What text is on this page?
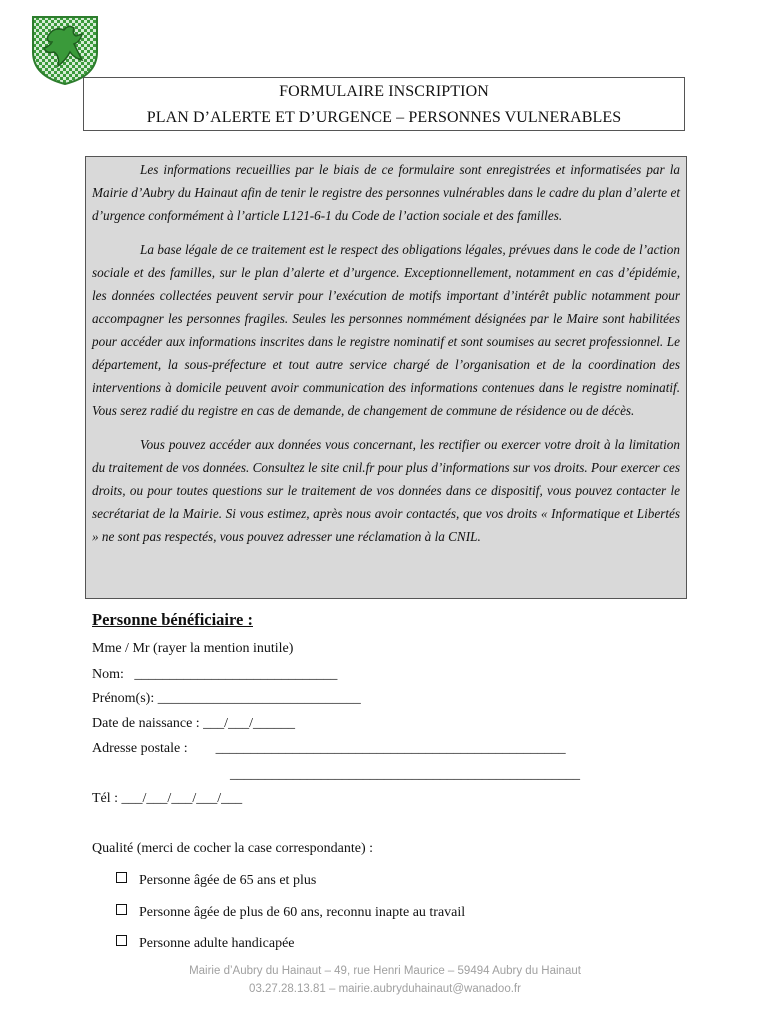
FORMULAIRE INSCRIPTION
PLAN D’ALERTE ET D’URGENCE – PERSONNES VULNERABLES

Les informations recueillies par le biais de ce formulaire sont enregistrées et informatisées par la Mairie d’Aubry du Hainaut afin de tenir le registre des personnes vulnérables dans le cadre du plan d’alerte et d’urgence conformément à l’article L121-6-1 du Code de l’action sociale et des familles.

La base légale de ce traitement est le respect des obligations légales, prévues dans le code de l’action sociale et des familles, sur le plan d’alerte et d’urgence. Exceptionnellement, notamment en cas d’épidémie, les données collectées peuvent servir pour l’exécution de motifs important d’intérêt public notamment pour accompagner les personnes fragiles. Seules les personnes nommément désignées par le Maire sont habilitées pour accéder aux informations inscrites dans le registre nominatif et sont soumises au secret professionnel. Le département, la sous-préfecture et tout autre service chargé de l’organisation et de la coordination des interventions à domicile peuvent avoir communication des informations contenues dans le registre nominatif. Vous serez radié du registre en cas de demande, de changement de commune de résidence ou de décès.

Vous pouvez accéder aux données vous concernant, les rectifier ou exercer votre droit à la limitation du traitement de vos données. Consultez le site cnil.fr pour plus d’informations sur vos droits. Pour exercer ces droits, ou pour toutes questions sur le traitement de vos données dans ce dispositif, vous pouvez contacter le secrétariat de la Mairie. Si vous estimez, après nous avoir contactés, que vos droits « Informatique et Libertés » ne sont pas respectés, vous pouvez adresser une réclamation à la CNIL.

Personne bénéficiaire :
Mme / Mr (rayer la mention inutile)
Nom:   _____________________________
Prénom(s): _____________________________
Date de naissance : ___/___/______
Adresse postale :        __________________________________________________
__________________________________________________
Tél : ___/___/___/___/___
Qualité (merci de cocher la case correspondante) :
Personne âgée de 65 ans et plus
Personne âgée de plus de 60 ans, reconnu inapte au travail
Personne adulte handicapée
Mairie d’Aubry du Hainaut – 49, rue Henri Maurice – 59494 Aubry du Hainaut
03.27.28.13.81 – mairie.aubryduhainaut@wanadoo.fr
